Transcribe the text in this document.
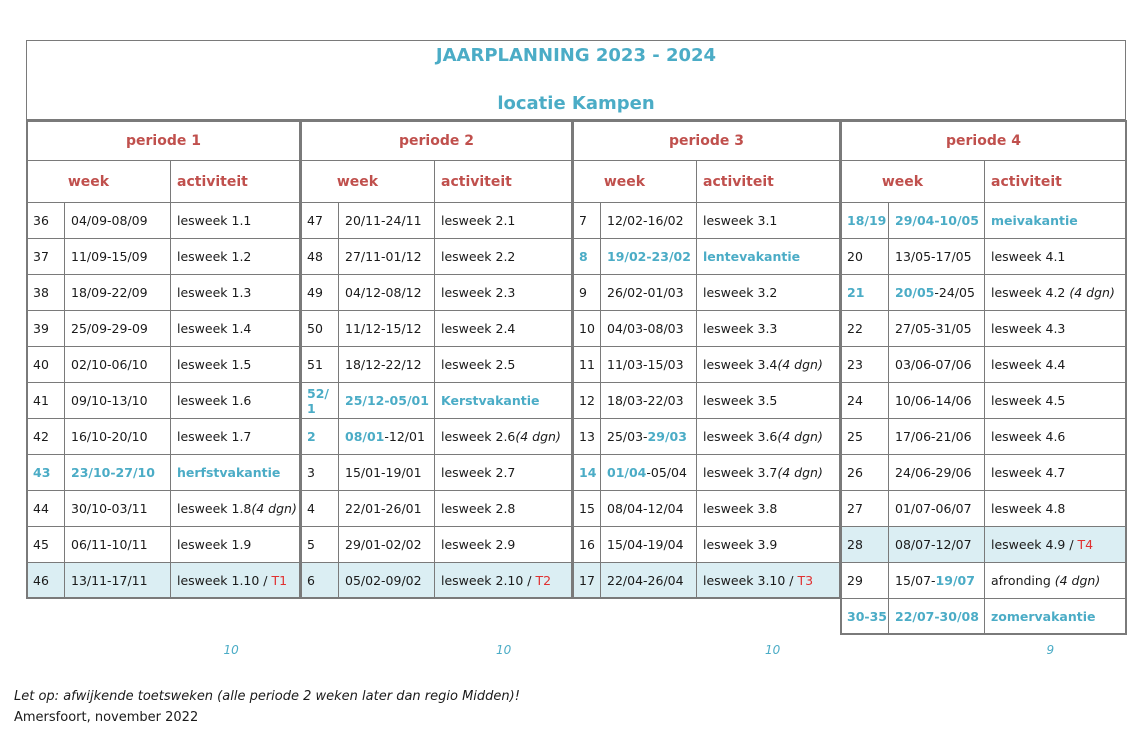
JAARPLANNING 2023 - 2024
locatie Kampen
Let op: afwijkende toetsweken (alle periode 2 weken later dan regio Midden)!
Amersfoort, november 2022
periode 1
week	activiteit
36 04/09-08/09 lesweek 1.1
37 11/09-15/09 lesweek 1.2
38 18/09-22/09 lesweek 1.3
39 25/09-29-09 lesweek 1.4
40 02/10-06/10 lesweek 1.5
41 09/10-13/10 lesweek 1.6
42 16/10-20/10 lesweek 1.7
43 23/10-27/10 herfstvakantie
44 30/10-03/11 lesweek 1.8 (4 dgn)
45 06/11-10/11 lesweek 1.9
46 13/11-17/11 lesweek 1.10 / T1
10
periode 2
week	activiteit
47 20/11-24/11 lesweek 2.1
48 27/11-01/12 lesweek 2.2
49 04/12-08/12 lesweek 2.3
50 11/12-15/12 lesweek 2.4
51 18/12-22/12 lesweek 2.5
52/1	25/12-05/01 Kerstvakantie
2 08/01 -12/01 lesweek 2.6 (4 dgn)
3 15/01-19/01 lesweek 2.7
4 22/01-26/01 lesweek 2.8
5 29/01-02/02 lesweek 2.9
6 05/02-09/02 lesweek 2.10 / T2
10
periode 3
week	activiteit
7 12/02-16/02 lesweek 3.1
8 19/02-23/02 lentevakantie
9 26/02-01/03 lesweek 3.2
10 04/03-08/03 lesweek 3.3
11 11/03-15/03 lesweek 3.4 (4 dgn)
12 18/03-22/03 lesweek 3.5
13 25/03- 29/03 lesweek 3.6 (4 dgn)
14 01/04 -05/04 lesweek 3.7 (4 dgn)
15 08/04-12/04 lesweek 3.8
16 15/04-19/04 lesweek 3.9
17 22/04-26/04 lesweek 3.10 / T3
10
periode 4
week	activiteit
18/19 29/04-10/05 meivakantie
20	13/05-17/05 lesweek 4.1
21 20/05 -24/05 lesweek 4.2 (4 dgn)
22	27/05-31/05 lesweek 4.3
23	03/06-07/06 lesweek 4.4
24	10/06-14/06 lesweek 4.5
25	17/06-21/06 lesweek 4.6
26	24/06-29/06 lesweek 4.7
27	01/07-06/07 lesweek 4.8
28	08/07-12/07 lesweek 4.9 / T4
29	15/07- 19/07 afronding (4 dgn)
30-35 22/07-30/08 zomervakantie
9
